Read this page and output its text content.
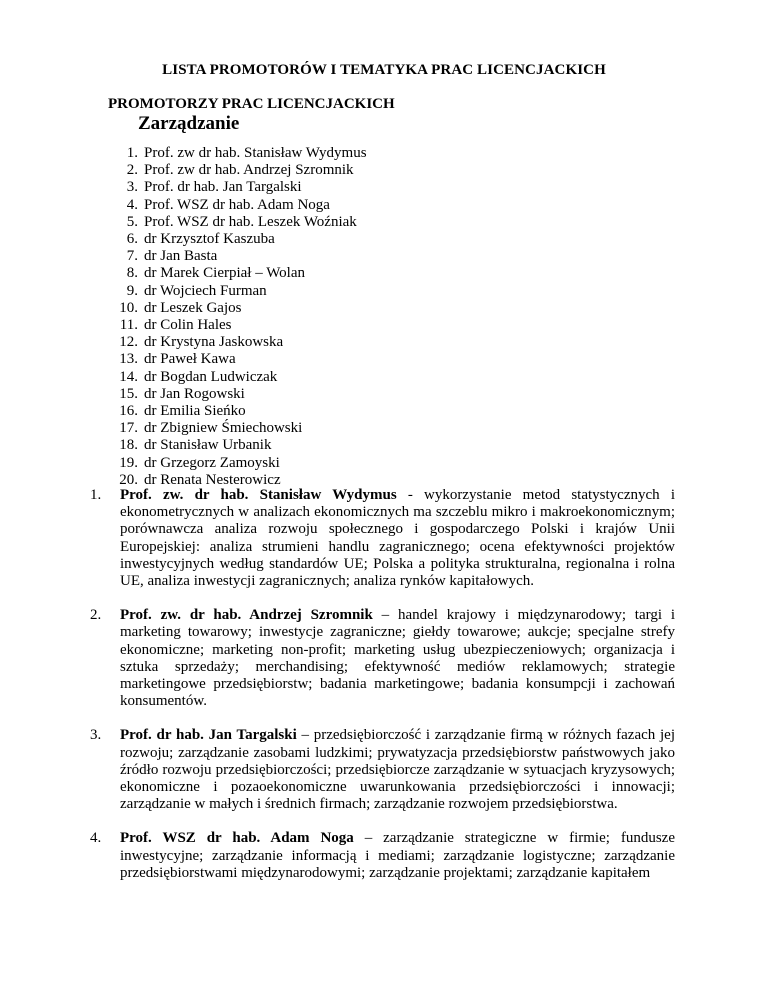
LISTA PROMOTORÓW I TEMATYKA PRAC LICENCJACKICH
PROMOTORZY PRAC LICENCJACKICH
Zarządzanie
1. Prof. zw dr hab. Stanisław Wydymus
2. Prof. zw dr hab. Andrzej Szromnik
3. Prof. dr hab. Jan Targalski
4. Prof. WSZ dr hab. Adam Noga
5. Prof. WSZ dr hab. Leszek Woźniak
6. dr Krzysztof Kaszuba
7. dr Jan Basta
8. dr Marek Cierpiał – Wolan
9. dr Wojciech Furman
10. dr Leszek Gajos
11. dr Colin Hales
12. dr Krystyna Jaskowska
13. dr Paweł Kawa
14. dr Bogdan Ludwiczak
15. dr Jan Rogowski
16. dr Emilia Sieńko
17. dr Zbigniew Śmiechowski
18. dr Stanisław Urbanik
19. dr Grzegorz Zamoyski
20. dr Renata Nesterowicz
1.	Prof. zw. dr hab. Stanisław Wydymus - wykorzystanie metod statystycznych i ekonometrycznych w analizach ekonomicznych ma szczeblu mikro i makroekonomicznym; porównawcza analiza rozwoju społecznego i gospodarczego Polski i krajów Unii Europejskiej: analiza strumieni handlu zagranicznego; ocena efektywności projektów inwestycyjnych według standardów UE; Polska a polityka strukturalna, regionalna i rolna UE, analiza inwestycji zagranicznych; analiza rynków kapitałowych.

2.	Prof. zw. dr hab. Andrzej Szromnik – handel krajowy i międzynarodowy; targi i marketing towarowy; inwestycje zagraniczne; giełdy towarowe; aukcje; specjalne strefy ekonomiczne; marketing non-profit; marketing usług ubezpieczeniowych; organizacja i sztuka sprzedaży; merchandising; efektywność mediów reklamowych; strategie marketingowe przedsiębiorstw; badania marketingowe; badania konsumpcji i zachowań konsumentów.

3.	Prof. dr hab. Jan Targalski – przedsiębiorczość i zarządzanie firmą w różnych fazach jej rozwoju; zarządzanie zasobami ludzkimi; prywatyzacja przedsiębiorstw państwowych jako źródło rozwoju przedsiębiorczości; przedsiębiorcze zarządzanie w sytuacjach kryzysowych; ekonomiczne i pozaoekonomiczne uwarunkowania przedsiębiorczości i innowacji; zarządzanie w małych i średnich firmach; zarządzanie rozwojem przedsiębiorstwa.

4.	Prof. WSZ dr hab. Adam Noga – zarządzanie strategiczne w firmie; fundusze inwestycyjne; zarządzanie informacją i mediami; zarządzanie logistyczne; zarządzanie przedsiębiorstwami międzynarodowymi; zarządzanie projektami; zarządzanie kapitałem
